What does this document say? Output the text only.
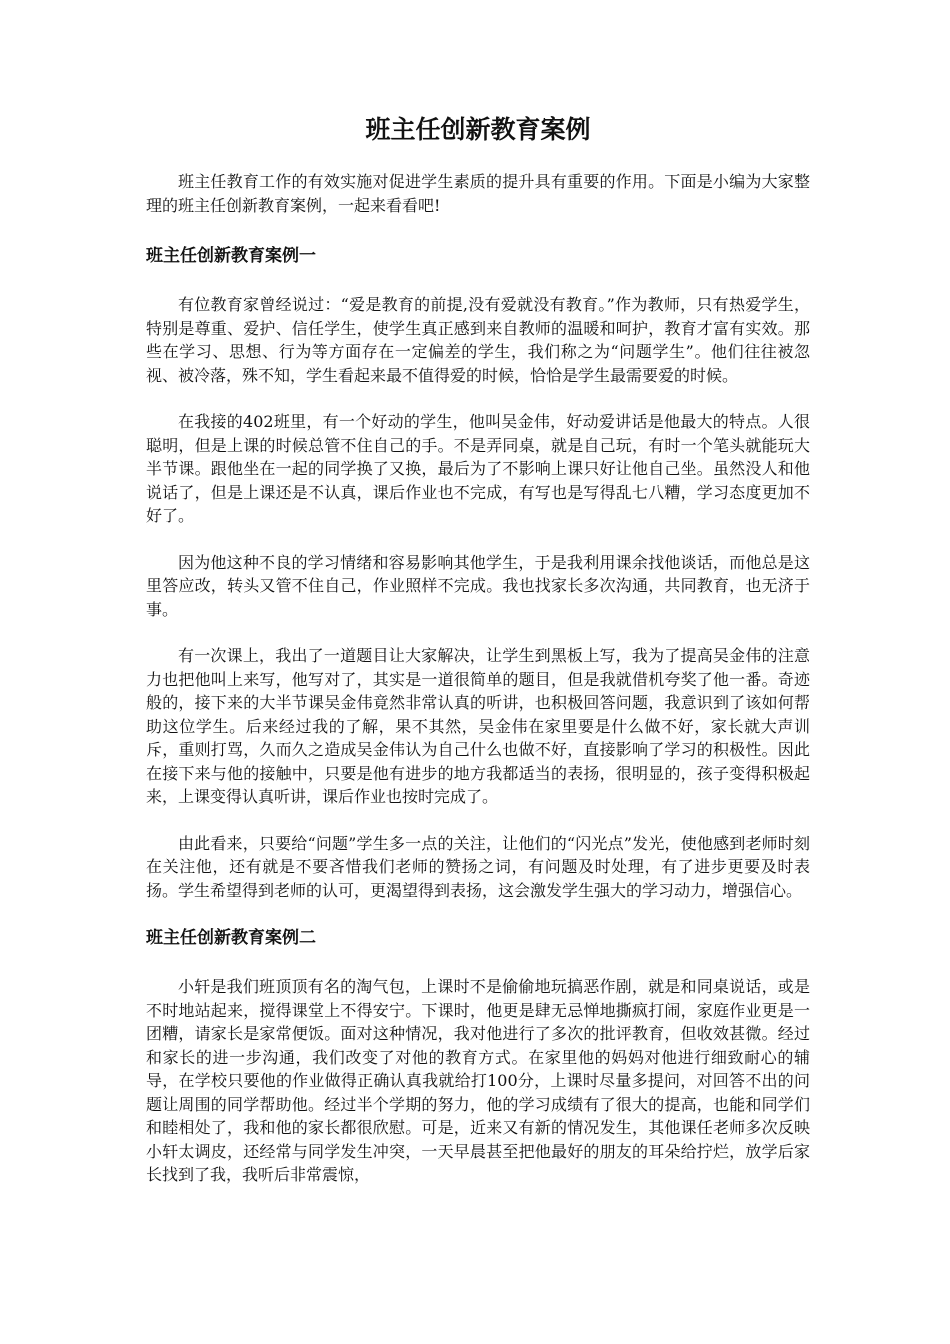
班主任创新教育案例

班主任教育工作的有效实施对促进学生素质的提升具有重要的作用。下面是小编为大家整理的班主任创新教育案例，一起来看看吧!

班主任创新教育案例一

有位教育家曾经说过：“爱是教育的前提,没有爱就没有教育。”作为教师，只有热爱学生，特别是尊重、爱护、信任学生，使学生真正感到来自教师的温暖和呵护，教育才富有实效。那些在学习、思想、行为等方面存在一定偏差的学生，我们称之为“问题学生”。他们往往被忽视、被冷落，殊不知，学生看起来最不值得爱的时候，恰恰是学生最需要爱的时候。

在我接的402班里，有一个好动的学生，他叫吴金伟，好动爱讲话是他最大的特点。人很聪明，但是上课的时候总管不住自己的手。不是弄同桌，就是自己玩，有时一个笔头就能玩大半节课。跟他坐在一起的同学换了又换，最后为了不影响上课只好让他自己坐。虽然没人和他说话了，但是上课还是不认真，课后作业也不完成，有写也是写得乱七八糟，学习态度更加不好了。

因为他这种不良的学习情绪和容易影响其他学生，于是我利用课余找他谈话，而他总是这里答应改，转头又管不住自己，作业照样不完成。我也找家长多次沟通，共同教育，也无济于事。

有一次课上，我出了一道题目让大家解决，让学生到黑板上写，我为了提高吴金伟的注意力也把他叫上来写，他写对了，其实是一道很简单的题目，但是我就借机夸奖了他一番。奇迹般的，接下来的大半节课吴金伟竟然非常认真的听讲，也积极回答问题，我意识到了该如何帮助这位学生。后来经过我的了解，果不其然，吴金伟在家里要是什么做不好，家长就大声训斥，重则打骂，久而久之造成吴金伟认为自己什么也做不好，直接影响了学习的积极性。因此在接下来与他的接触中，只要是他有进步的地方我都适当的表扬，很明显的，孩子变得积极起来，上课变得认真听讲，课后作业也按时完成了。

由此看来，只要给“问题”学生多一点的关注，让他们的“闪光点”发光，使他感到老师时刻在关注他，还有就是不要吝惜我们老师的赞扬之词，有问题及时处理，有了进步更要及时表扬。学生希望得到老师的认可，更渴望得到表扬，这会激发学生强大的学习动力，增强信心。

班主任创新教育案例二

小轩是我们班顶顶有名的淘气包，上课时不是偷偷地玩搞恶作剧，就是和同桌说话，或是不时地站起来，搅得课堂上不得安宁。下课时，他更是肆无忌惮地撕疯打闹，家庭作业更是一团糟，请家长是家常便饭。面对这种情况，我对他进行了多次的批评教育，但收效甚微。经过和家长的进一步沟通，我们改变了对他的教育方式。在家里他的妈妈对他进行细致耐心的辅导，在学校只要他的作业做得正确认真我就给打100分，上课时尽量多提问，对回答不出的问题让周围的同学帮助他。经过半个学期的努力，他的学习成绩有了很大的提高，也能和同学们和睦相处了，我和他的家长都很欣慰。可是，近来又有新的情况发生，其他课任老师多次反映小轩太调皮，还经常与同学发生冲突，一天早晨甚至把他最好的朋友的耳朵给拧烂，放学后家长找到了我，我听后非常震惊，
